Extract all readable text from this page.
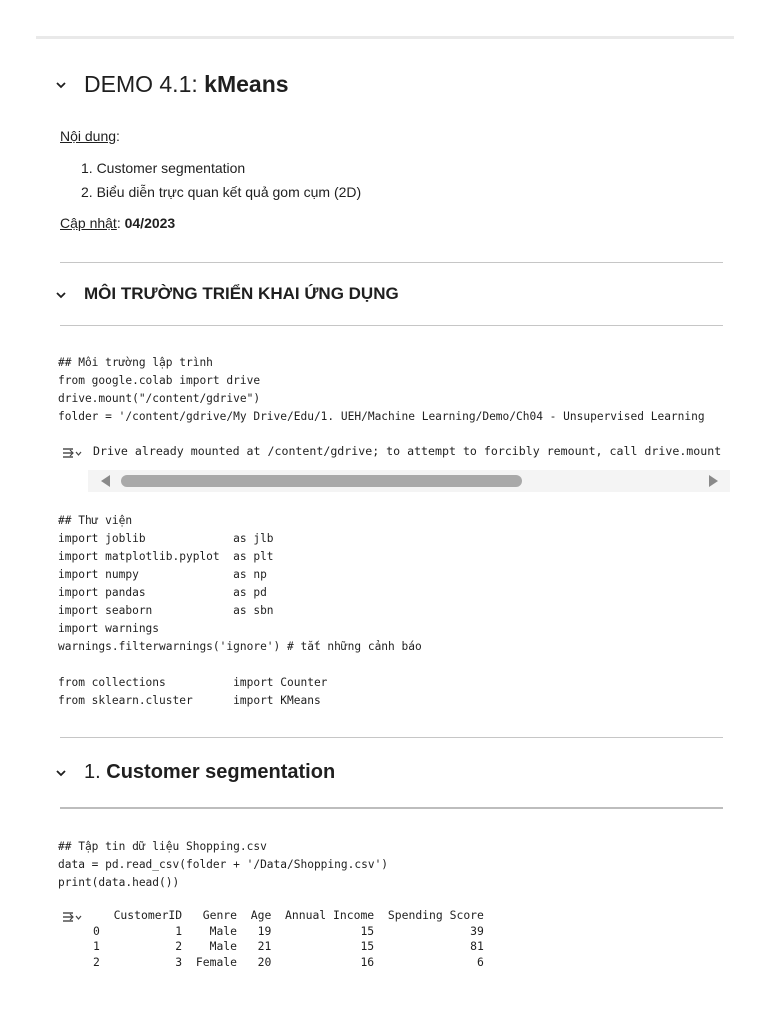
DEMO 4.1: kMeans
Nội dung:
1. Customer segmentation
2. Biểu diễn trực quan kết quả gom cụm (2D)
Cập nhật: 04/2023
MÔI TRƯỜNG TRIỂN KHAI ỨNG DỤNG
## Môi trường lập trình
from google.colab import drive
drive.mount("/content/gdrive")
folder = '/content/gdrive/My Drive/Edu/1. UEH/Machine Learning/Demo/Ch04 - Unsupervised Learning
Drive already mounted at /content/gdrive; to attempt to forcibly remount, call drive.mount
## Thư viện
import joblib             as jlb
import matplotlib.pyplot  as plt
import numpy              as np
import pandas             as pd
import seaborn            as sbn
import warnings
warnings.filterwarnings('ignore') # tắt những cảnh báo
from collections          import Counter
from sklearn.cluster      import KMeans
1. Customer segmentation
## Tập tin dữ liệu Shopping.csv
data = pd.read_csv(folder + '/Data/Shopping.csv')
print(data.head())
CustomerID   Genre  Age  Annual Income  Spending Score
0           1    Male   19             15              39
1           2    Male   21             15              81
2           3  Female   20             16               6
